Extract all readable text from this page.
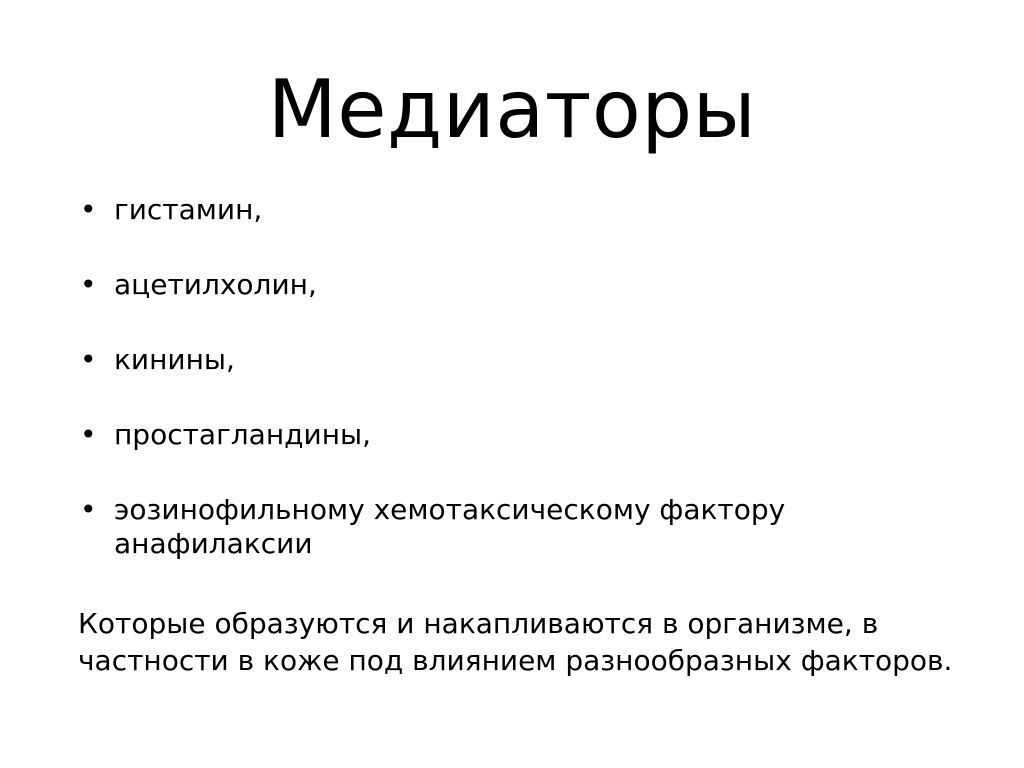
Медиаторы
• гистамин,
• ацетилхолин,
• кинины,
• простагландины,
• эозинофильному хемотаксическому фактору анафилаксии

Которые образуются и накапливаются в организме, в частности в коже под влиянием разнообразных факторов.
